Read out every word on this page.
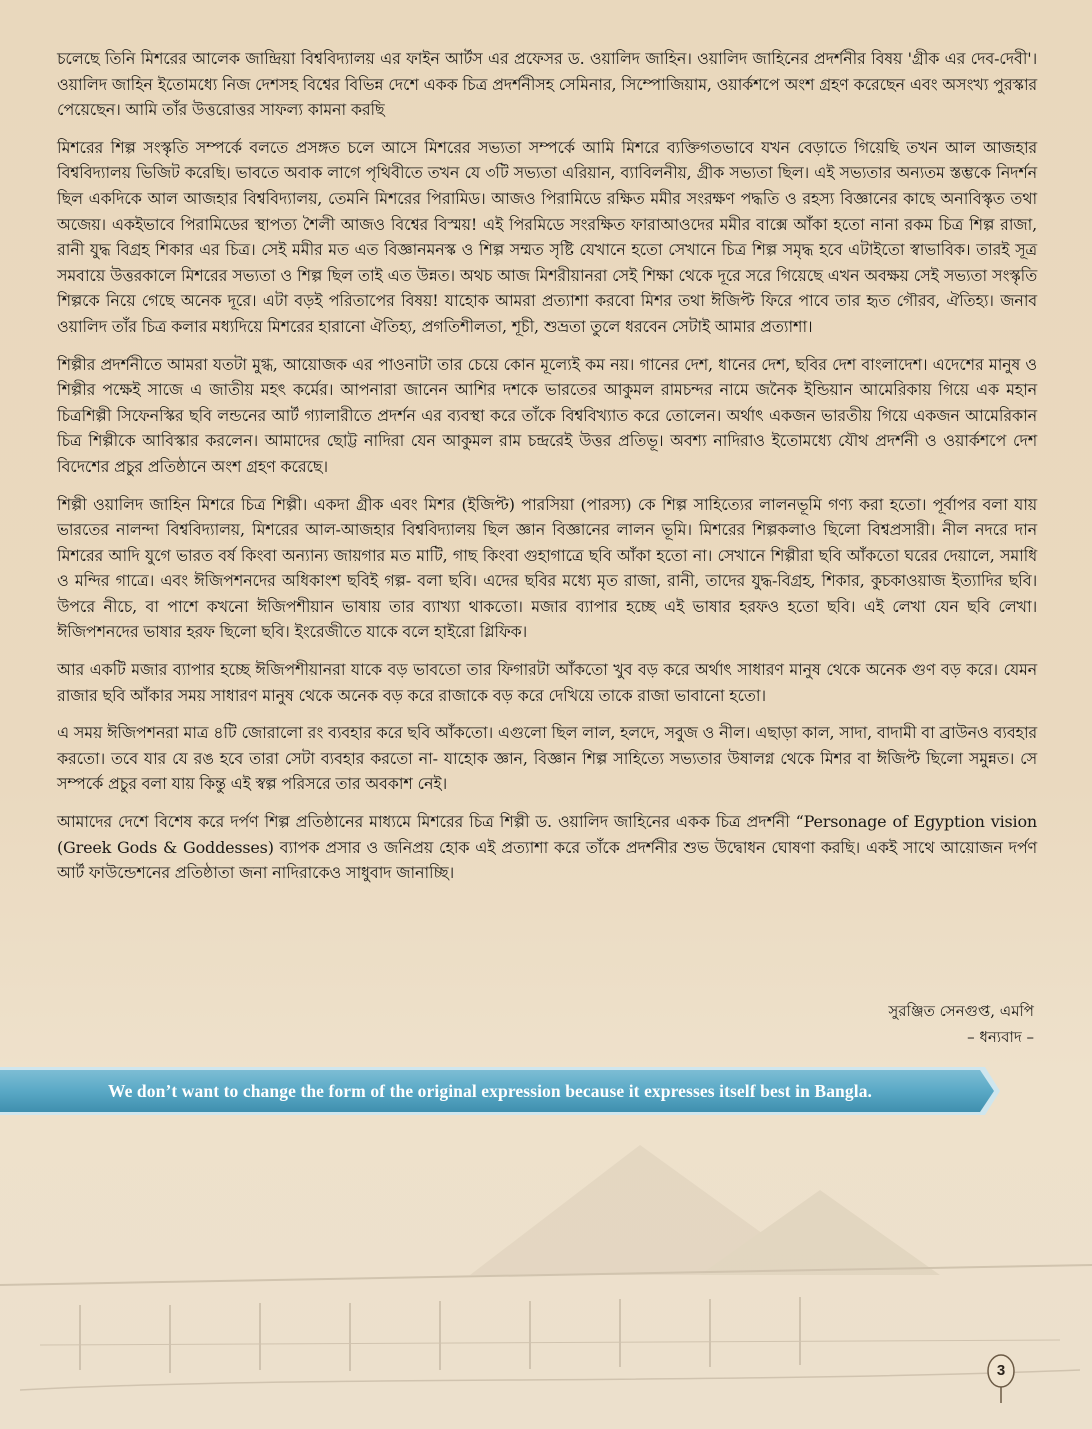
চলেছে তিনি মিশরের আলেক জান্দ্রিয়া বিশ্ববিদ্যালয় এর ফাইন আর্টস এর প্রফেসর ড. ওয়ালিদ জাহিন। ওয়ালিদ জাহিনের প্রদর্শনীর বিষয় 'গ্রীক এর দেব-দেবী'। ওয়ালিদ জাহিন ইতোমধ্যে নিজ দেশসহ বিশ্বের বিভিন্ন দেশে একক চিত্র প্রদর্শনীসহ সেমিনার, সিম্পোজিয়াম, ওয়ার্কশপে অংশ গ্রহণ করেছেন এবং অসংখ্য পুরস্কার পেয়েছেন। আমি তাঁর উত্তরোত্তর সাফল্য কামনা করছি

মিশরের শিল্প সংস্কৃতি সম্পর্কে বলতে প্রসঙ্গত চলে আসে মিশরের সভ্যতা সম্পর্কে আমি মিশরে ব্যক্তিগতভাবে যখন বেড়াতে গিয়েছি তখন আল আজহার বিশ্ববিদ্যালয় ভিজিট করেছি। ভাবতে অবাক লাগে পৃথিবীতে তখন যে ৩টি সভ্যতা এরিয়ান, ব্যাবিলনীয়, গ্রীক সভ্যতা ছিল। এই সভ্যতার অন্যতম স্তম্ভকে নিদর্শন ছিল একদিকে আল আজহার বিশ্ববিদ্যালয়, তেমনি মিশরের পিরামিড। আজও পিরামিডে রক্ষিত মমীর সংরক্ষণ পদ্ধতি ও রহস্য বিজ্ঞানের কাছে অনাবিস্কৃত তথা অজেয়। একইভাবে পিরামিডের স্থাপত্য শৈলী আজও বিশ্বের বিস্ময়! এই পিরমিডে সংরক্ষিত ফারাআওদের মমীর বাক্সে আঁকা হতো নানা রকম চিত্র শিল্প রাজা, রানী যুদ্ধ বিগ্রহ শিকার এর চিত্র। সেই মমীর মত এত বিজ্ঞানমনস্ক ও শিল্প সম্মত সৃষ্টি যেখানে হতো সেখানে চিত্র শিল্প সমৃদ্ধ হবে এটাইতো স্বাভাবিক। তারই সূত্র সমবায়ে উত্তরকালে মিশরের সভ্যতা ও শিল্প ছিল তাই এত উন্নত। অথচ আজ মিশরীয়ানরা সেই শিক্ষা থেকে দূরে সরে গিয়েছে এখন অবক্ষয় সেই সভ্যতা সংস্কৃতি শিল্পকে নিয়ে গেছে অনেক দূরে। এটা বড়ই পরিতাপের বিষয়! যাহোক আমরা প্রত্যাশা করবো মিশর তথা ঈজিপ্ট ফিরে পাবে তার হৃত গৌরব, ঐতিহ্য। জনাব ওয়ালিদ তাঁর চিত্র কলার মধ্যদিয়ে মিশরের হারানো ঐতিহ্য, প্রগতিশীলতা, শূচী, শুভ্রতা তুলে ধরবেন সেটাই আমার প্রত্যাশা।

শিল্পীর প্রদর্শনীতে আমরা যতটা মুগ্ধ, আয়োজক এর পাওনাটা তার চেয়ে কোন মূল্যেই কম নয়। গানের দেশ, ধানের দেশ, ছবির দেশ বাংলাদেশ। এদেশের মানুষ ও শিল্পীর পক্ষেই সাজে এ জাতীয় মহৎ কর্মের। আপনারা জানেন আশির দশকে ভারতের আকুমল রামচন্দর নামে জনৈক ইন্ডিয়ান আমেরিকায় গিয়ে এক মহান চিত্রশিল্পী সিফেনস্কির ছবি লন্ডনের আর্ট গ্যালারীতে প্রদর্শন এর ব্যবস্থা করে তাঁকে বিশ্ববিখ্যাত করে তোলেন। অর্থাৎ একজন ভারতীয় গিয়ে একজন আমেরিকান চিত্র শিল্পীকে আবিস্কার করলেন। আমাদের ছোট্ট নাদিরা যেন আকুমল রাম চন্দ্ররেই উত্তর প্রতিভূ। অবশ্য নাদিরাও ইতোমধ্যে যৌথ প্রদর্শনী ও ওয়ার্কশপে দেশ বিদেশের প্রচুর প্রতিষ্ঠানে অংশ গ্রহণ করেছে।

শিল্পী ওয়ালিদ জাহিন মিশরে চিত্র শিল্পী। একদা গ্রীক এবং মিশর (ইজিপ্ট) পারসিয়া (পারস্য) কে শিল্প সাহিত্যের লালনভূমি গণ্য করা হতো। পূর্বাপর বলা যায় ভারতের নালন্দা বিশ্ববিদ্যালয়, মিশরের আল-আজহার বিশ্ববিদ্যালয় ছিল জ্ঞান বিজ্ঞানের লালন ভূমি। মিশরের শিল্পকলাও ছিলো বিশ্বপ্রসারী। নীল নদরে দান মিশরের আদি যুগে ভারত বর্ষ কিংবা অন্যান্য জায়গার মত মাটি, গাছ কিংবা গুহাগাত্রে ছবি আঁকা হতো না। সেখানে শিল্পীরা ছবি আঁকতো ঘরের দেয়ালে, সমাধি ও মন্দির গাত্রে। এবং ঈজিপশনদের অধিকাংশ ছবিই গল্প- বলা ছবি। এদের ছবির মধ্যে মৃত রাজা, রানী, তাদের যুদ্ধ-বিগ্রহ, শিকার, কুচকাওয়াজ ইত্যাদির ছবি। উপরে নীচে, বা পাশে কখনো ঈজিপশীয়ান ভাষায় তার ব্যাখ্যা থাকতো। মজার ব্যাপার হচ্ছে এই ভাষার হরফও হতো ছবি। এই লেখা যেন ছবি লেখা। ঈজিপশনদের ভাষার হরফ ছিলো ছবি। ইংরেজীতে যাকে বলে হাইরো গ্লিফিক।

আর একটি মজার ব্যাপার হচ্ছে ঈজিপশীয়ানরা যাকে বড় ভাবতো তার ফিগারটা আঁকতো খুব বড় করে অর্থাৎ সাধারণ মানুষ থেকে অনেক গুণ বড় করে। যেমন রাজার ছবি আঁকার সময় সাধারণ মানুষ থেকে অনেক বড় করে রাজাকে বড় করে দেখিয়ে তাকে রাজা ভাবানো হতো।

এ সময় ঈজিপশনরা মাত্র ৪টি জোরালো রং ব্যবহার করে ছবি আঁকতো। এগুলো ছিল লাল, হলদে, সবুজ ও নীল। এছাড়া কাল, সাদা, বাদামী বা ব্রাউনও ব্যবহার করতো। তবে যার যে রঙ হবে তারা সেটা ব্যবহার করতো না- যাহোক জ্ঞান, বিজ্ঞান শিল্প সাহিত্যে সভ্যতার উষালগ্ন থেকে মিশর বা ঈজিপ্ট ছিলো সমুন্নত। সে সম্পর্কে প্রচুর বলা যায় কিন্তু এই স্বল্প পরিসরে তার অবকাশ নেই।

আমাদের দেশে বিশেষ করে দর্পণ শিল্প প্রতিষ্ঠানের মাধ্যমে মিশরের চিত্র শিল্পী ড. ওয়ালিদ জাহিনের একক চিত্র প্রদর্শনী “Personage of Egyption vision (Greek Gods & Goddesses) ব্যাপক প্রসার ও জনিপ্রয় হোক এই প্রত্যাশা করে তাঁকে প্রদর্শনীর শুভ উদ্বোধন ঘোষণা করছি। একই সাথে আয়োজন দর্পণ আর্ট ফাউন্ডেশনের প্রতিষ্ঠাতা জনা নাদিরাকেও সাধুবাদ জানাচ্ছি।

সুরঞ্জিত সেনগুপ্ত, এমপি
– ধন্যবাদ –
We don’t want to change the form of the original expression because it expresses itself best in Bangla.
3
